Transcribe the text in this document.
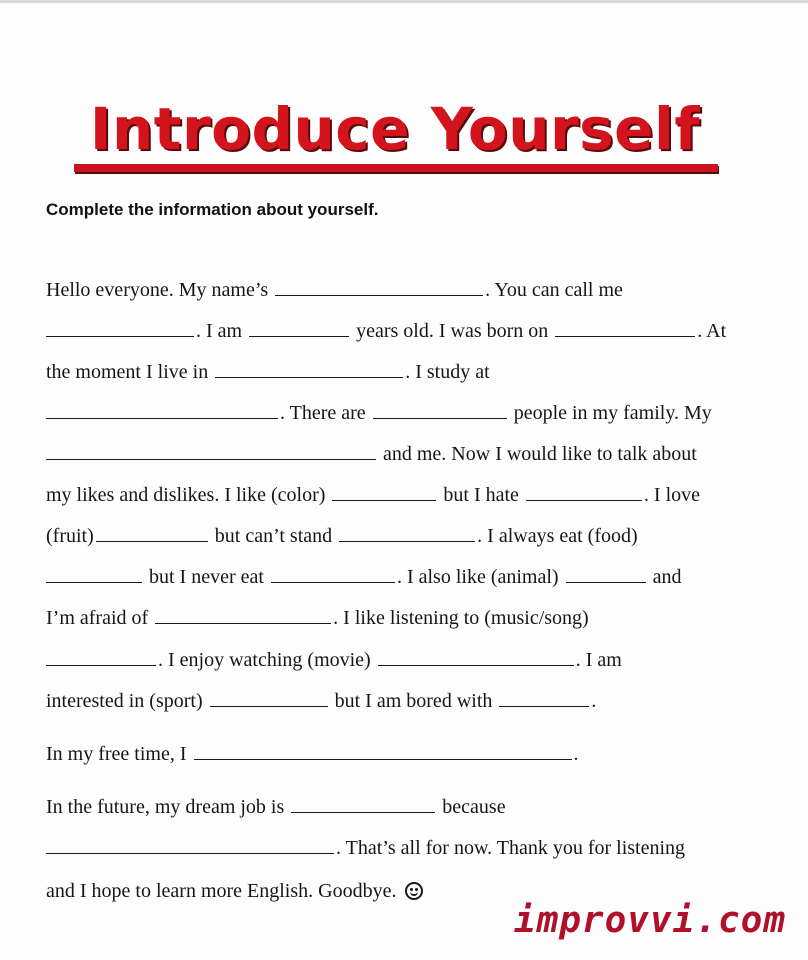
Introduce Yourself
Complete the information about yourself.
Hello everyone. My name’s	. You can call me
. I am	years old. I was born on	. At
the moment I live in	. I study at
. There are	people in my family. My
and me. Now I would like to talk about
my likes and dislikes. I like (color)	but I hate	. I love
(fruit)	but can’t stand	. I always eat (food)
but I never eat	. I also like (animal)	and
I’m afraid of	. I like listening to (music/song)
. I enjoy watching (movie)	. I am
interested in (sport)	but I am bored with	.
In my free time, I	.
In the future, my dream job is	because
. That’s all for now. Thank you for listening
and I hope to learn more English. Goodbye.
improvvi.com
